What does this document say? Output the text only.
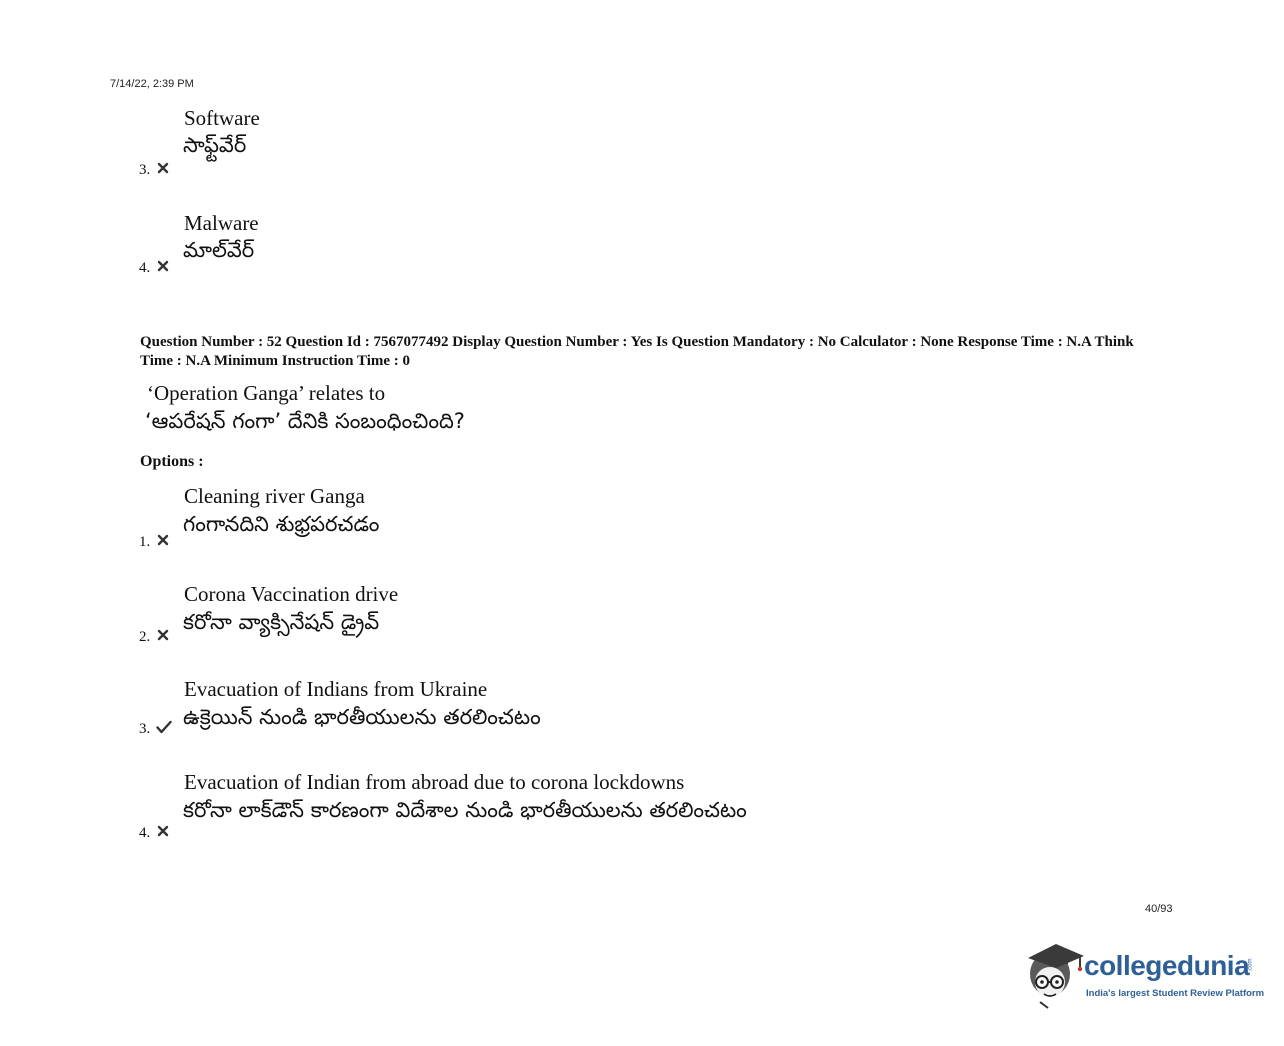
7/14/22, 2:39 PM
Software
సాఫ్ట్‌వేర్
3.
Malware
మాల్‌వేర్
4.
Question Number : 52 Question Id : 7567077492 Display Question Number : Yes Is Question Mandatory : No Calculator : None Response Time : N.A Think Time : N.A Minimum Instruction Time : 0
‘Operation Ganga’ relates to
‘ఆపరేషన్ గంగా’ దేనికి సంబంధించింది?
Options :
Cleaning river Ganga
గంగానదిని శుభ్రపరచడం
1.
Corona Vaccination drive
కరోనా వ్యాక్సినేషన్ డ్రైవ్
2.
Evacuation of Indians from Ukraine
ఉక్రెయిన్ నుండి భారతీయులను తరలించటం
3.
Evacuation of Indian from abroad due to corona lockdowns
కరోనా లాక్‌డౌన్ కారణంగా విదేశాల నుండి భారతీయులను తరలించటం
4.
40/93
collegedunia
.com
India's largest Student Review Platform
